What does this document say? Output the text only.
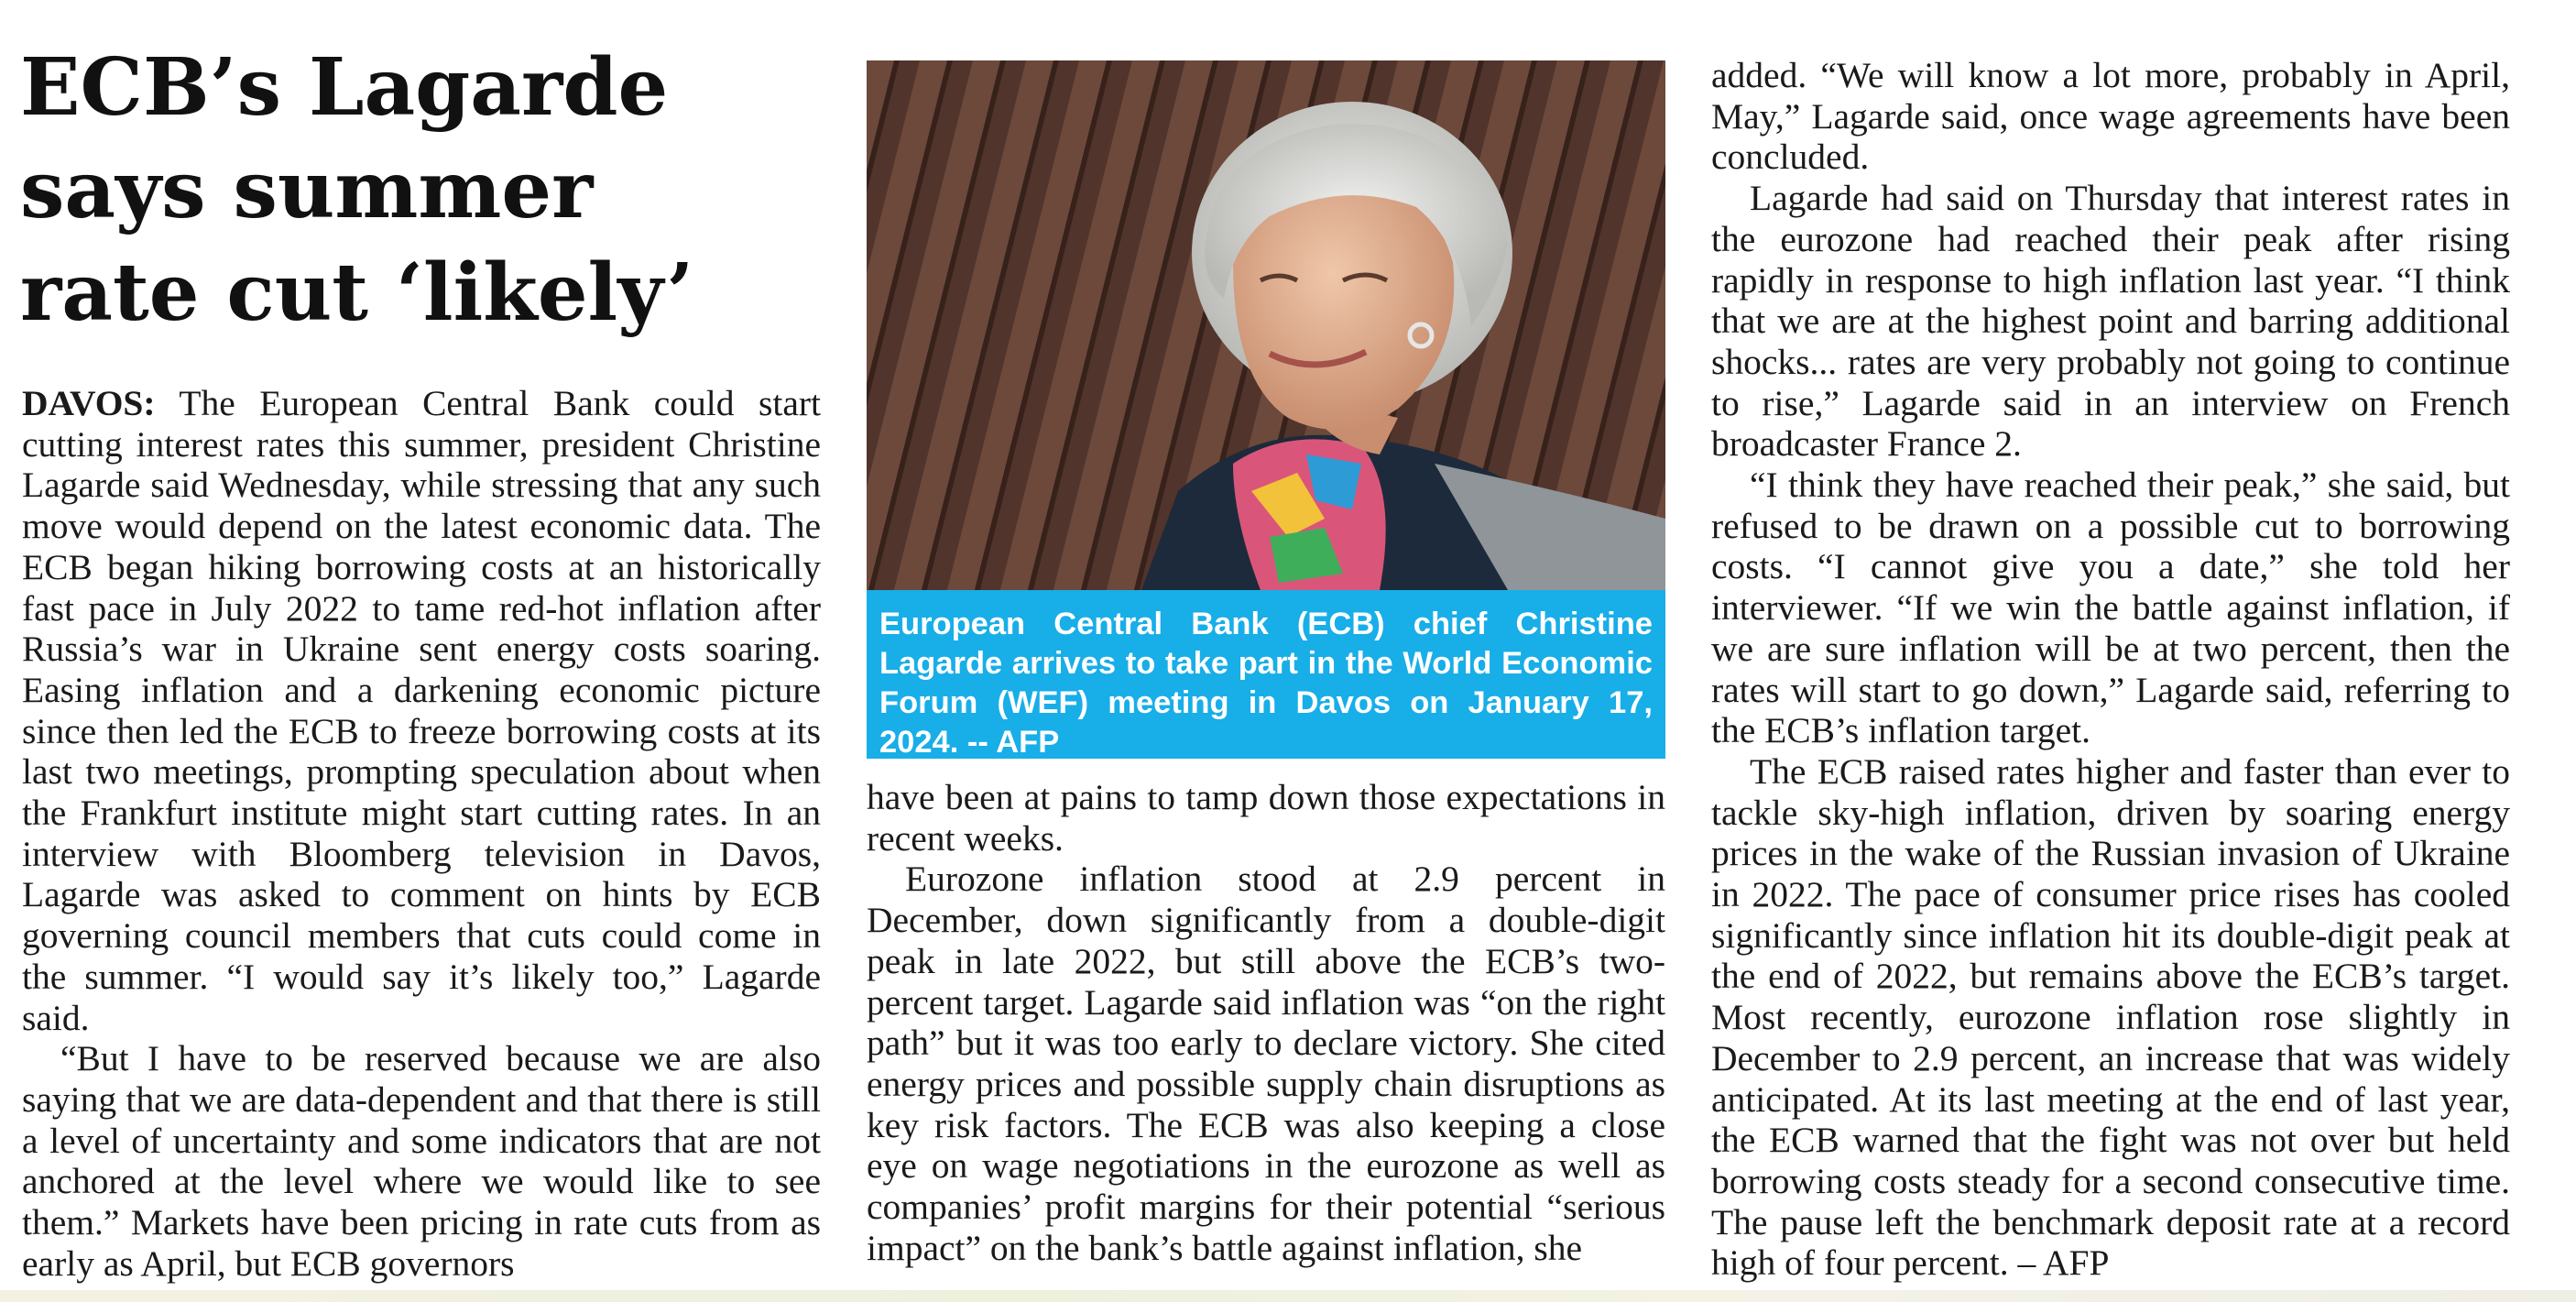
ECB’s Lagarde
says summer
rate cut ‘likely’

DAVOS: The European Central Bank could start cutting interest rates this summer, president Christine Lagarde said Wednesday, while stressing that any such move would depend on the latest economic data. The ECB began hiking borrowing costs at an historically fast pace in July 2022 to tame red-hot inflation after Russia’s war in Ukraine sent energy costs soaring. Easing inflation and a darkening economic picture since then led the ECB to freeze borrowing costs at its last two meetings, prompting speculation about when the Frankfurt institute might start cutting rates. In an interview with Bloomberg television in Davos, Lagarde was asked to comment on hints by ECB governing council members that cuts could come in the summer. “I would say it’s likely too,” Lagarde said.

“But I have to be reserved because we are also saying that we are data-dependent and that there is still a level of uncertainty and some indicators that are not anchored at the level where we would like to see them.” Markets have been pricing in rate cuts from as early as April, but ECB governors

European Central Bank (ECB) chief Christine Lagarde arrives to take part in the World Economic Forum (WEF) meeting in Davos on January 17, 2024. -- AFP

have been at pains to tamp down those expectations in recent weeks.

Eurozone inflation stood at 2.9 percent in December, down significantly from a double-digit peak in late 2022, but still above the ECB’s two-percent target. Lagarde said inflation was “on the right path” but it was too early to declare victory. She cited energy prices and possible supply chain disruptions as key risk factors. The ECB was also keeping a close eye on wage negotiations in the eurozone as well as companies’ profit margins for their potential “serious impact” on the bank’s battle against inflation, she

added. “We will know a lot more, probably in April, May,” Lagarde said, once wage agreements have been concluded.

Lagarde had said on Thursday that interest rates in the eurozone had reached their peak after rising rapidly in response to high inflation last year. “I think that we are at the highest point and barring additional shocks... rates are very probably not going to continue to rise,” Lagarde said in an interview on French broadcaster France 2.

“I think they have reached their peak,” she said, but refused to be drawn on a possible cut to borrowing costs. “I cannot give you a date,” she told her interviewer. “If we win the battle against inflation, if we are sure inflation will be at two percent, then the rates will start to go down,” Lagarde said, referring to the ECB’s inflation target.

The ECB raised rates higher and faster than ever to tackle sky-high inflation, driven by soaring energy prices in the wake of the Russian invasion of Ukraine in 2022. The pace of consumer price rises has cooled significantly since inflation hit its double-digit peak at the end of 2022, but remains above the ECB’s target. Most recently, eurozone inflation rose slightly in December to 2.9 percent, an increase that was widely anticipated. At its last meeting at the end of last year, the ECB warned that the fight was not over but held borrowing costs steady for a second consecutive time. The pause left the benchmark deposit rate at a record high of four percent. – AFP
